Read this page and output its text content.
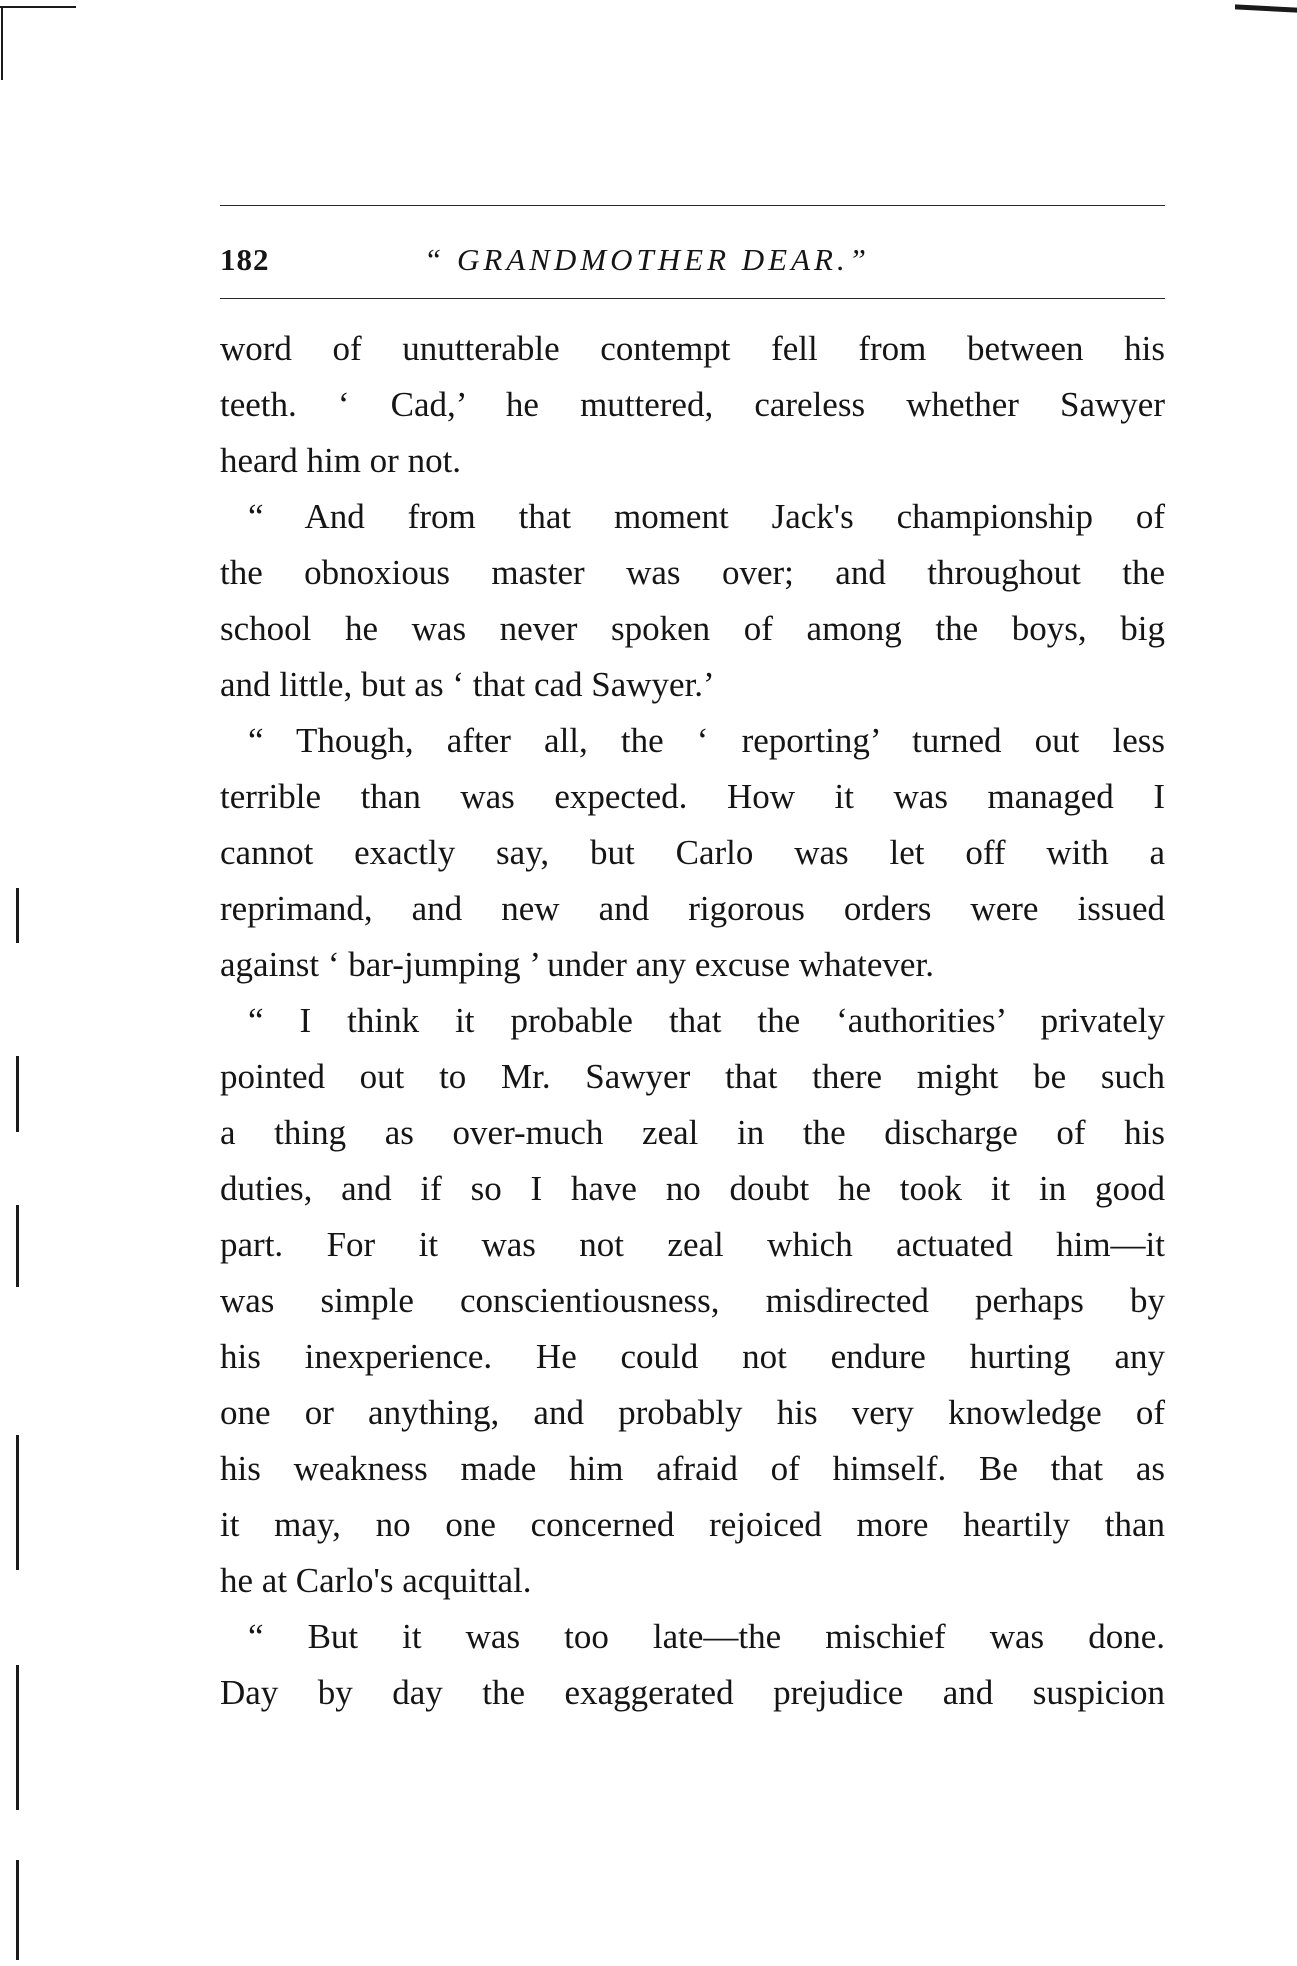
182	“ GRANDMOTHER DEAR.”
word of unutterable contempt fell from between his
teeth. ‘ Cad,’ he muttered, careless whether Sawyer
heard him or not.
“ And from that moment Jack's championship of
the obnoxious master was over; and throughout the
school he was never spoken of among the boys, big
and little, but as ‘ that cad Sawyer.’
“ Though, after all, the ‘ reporting’ turned out less
terrible than was expected. How it was managed I
cannot exactly say, but Carlo was let off with a
reprimand, and new and rigorous orders were issued
against ‘ bar-jumping ’ under any excuse whatever.
“ I think it probable that the ‘authorities’ privately
pointed out to Mr. Sawyer that there might be such
a thing as over-much zeal in the discharge of his
duties, and if so I have no doubt he took it in good
part. For it was not zeal which actuated him—it
was simple conscientiousness, misdirected perhaps by
his inexperience. He could not endure hurting any
one or anything, and probably his very knowledge of
his weakness made him afraid of himself. Be that as
it may, no one concerned rejoiced more heartily than
he at Carlo's acquittal.
“ But it was too late—the mischief was done.
Day by day the exaggerated prejudice and suspicion
